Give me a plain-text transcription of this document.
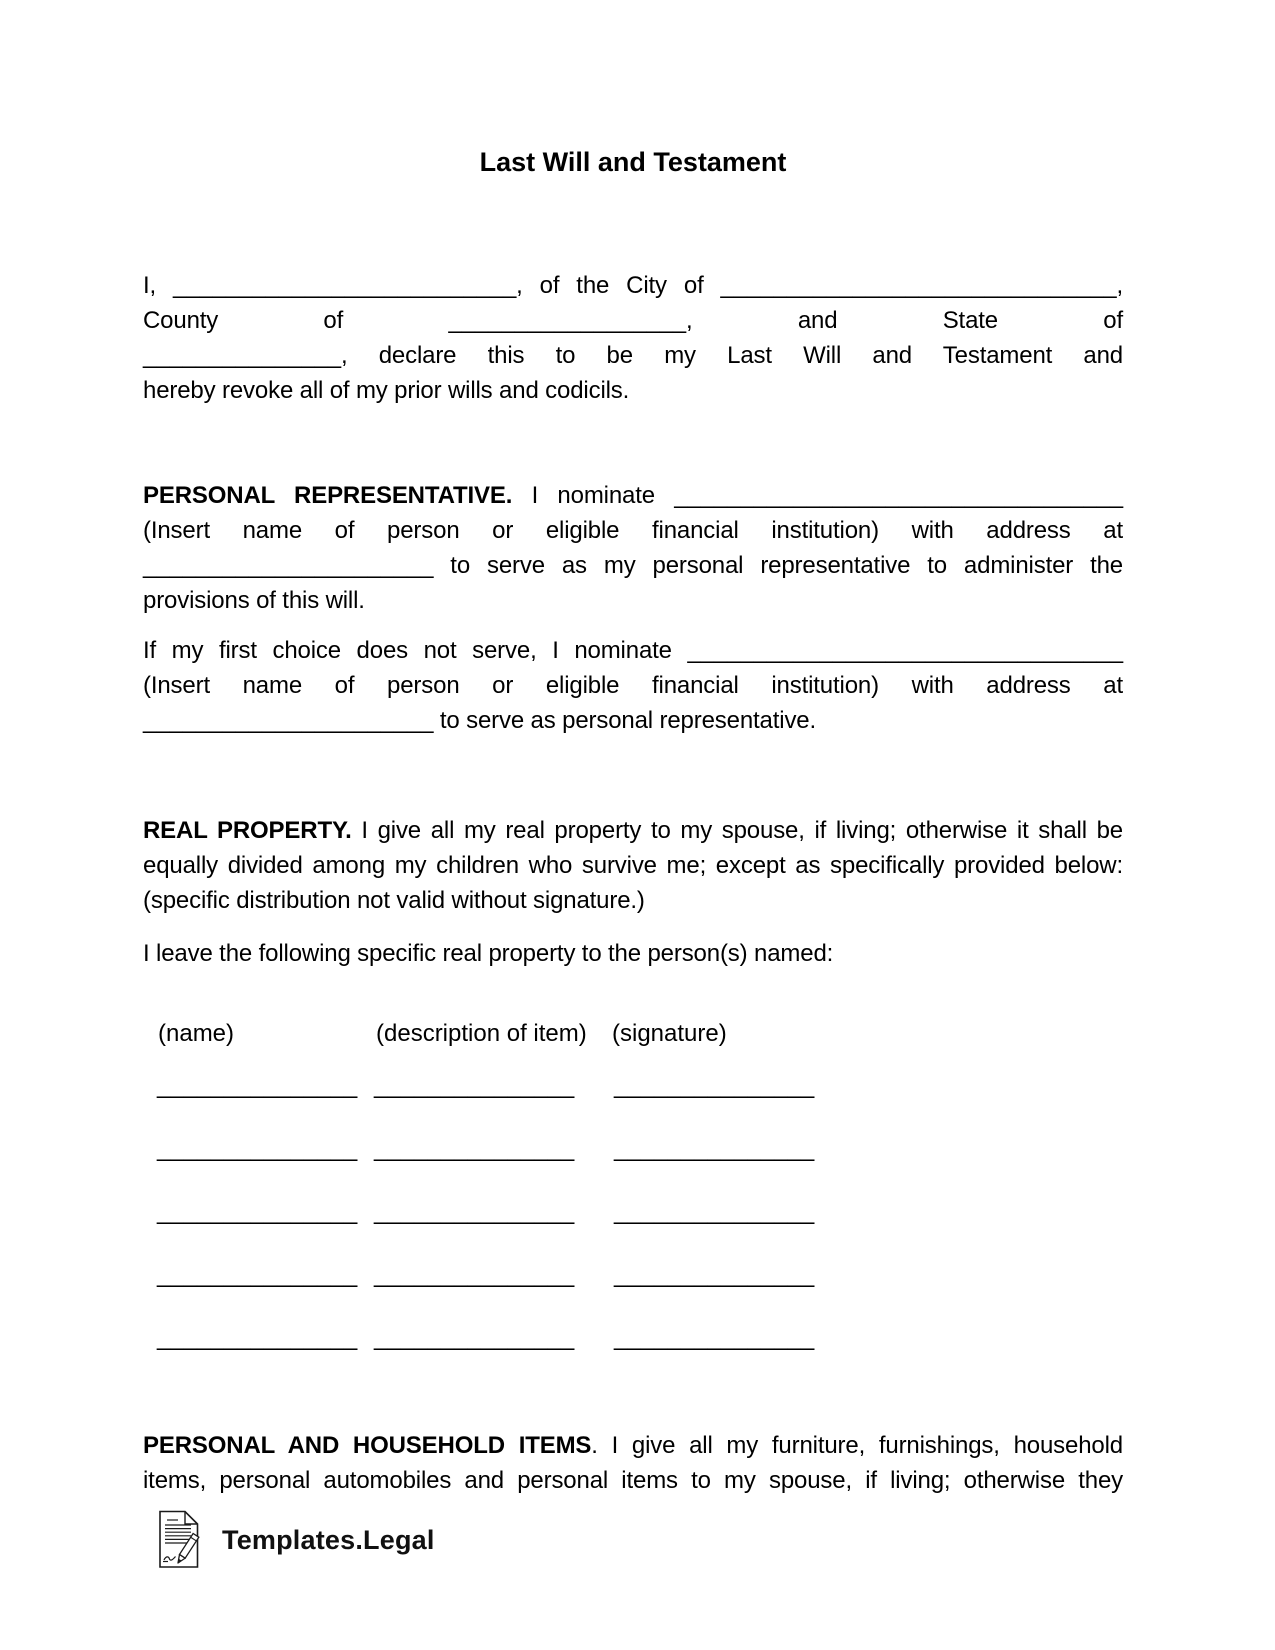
Last Will and Testament
I, __________________________, of the City of ______________________________,
County of __________________, and State of
_______________, declare this to be my Last Will and Testament and
hereby revoke all of my prior wills and codicils.
PERSONAL REPRESENTATIVE. I nominate __________________________________
(Insert name of person or eligible financial institution) with address at
______________________ to serve as my personal representative to administer the
provisions of this will.
If my first choice does not serve, I nominate _________________________________
(Insert name of person or eligible financial institution) with address at
______________________ to serve as personal representative.
REAL PROPERTY. I give all my real property to my spouse, if living; otherwise it shall be
equally divided among my children who survive me; except as specifically provided below:
(specific distribution not valid without signature.)
I leave the following specific real property to the person(s) named:
(name)	(description of item) (signature)
_______________ _______________ _______________
_______________ _______________ _______________
_______________ _______________ _______________
_______________ _______________ _______________
_______________ _______________ _______________
PERSONAL AND HOUSEHOLD ITEMS. I give all my furniture, furnishings, household
items, personal automobiles and personal items to my spouse, if living; otherwise they
Templates.Legal
